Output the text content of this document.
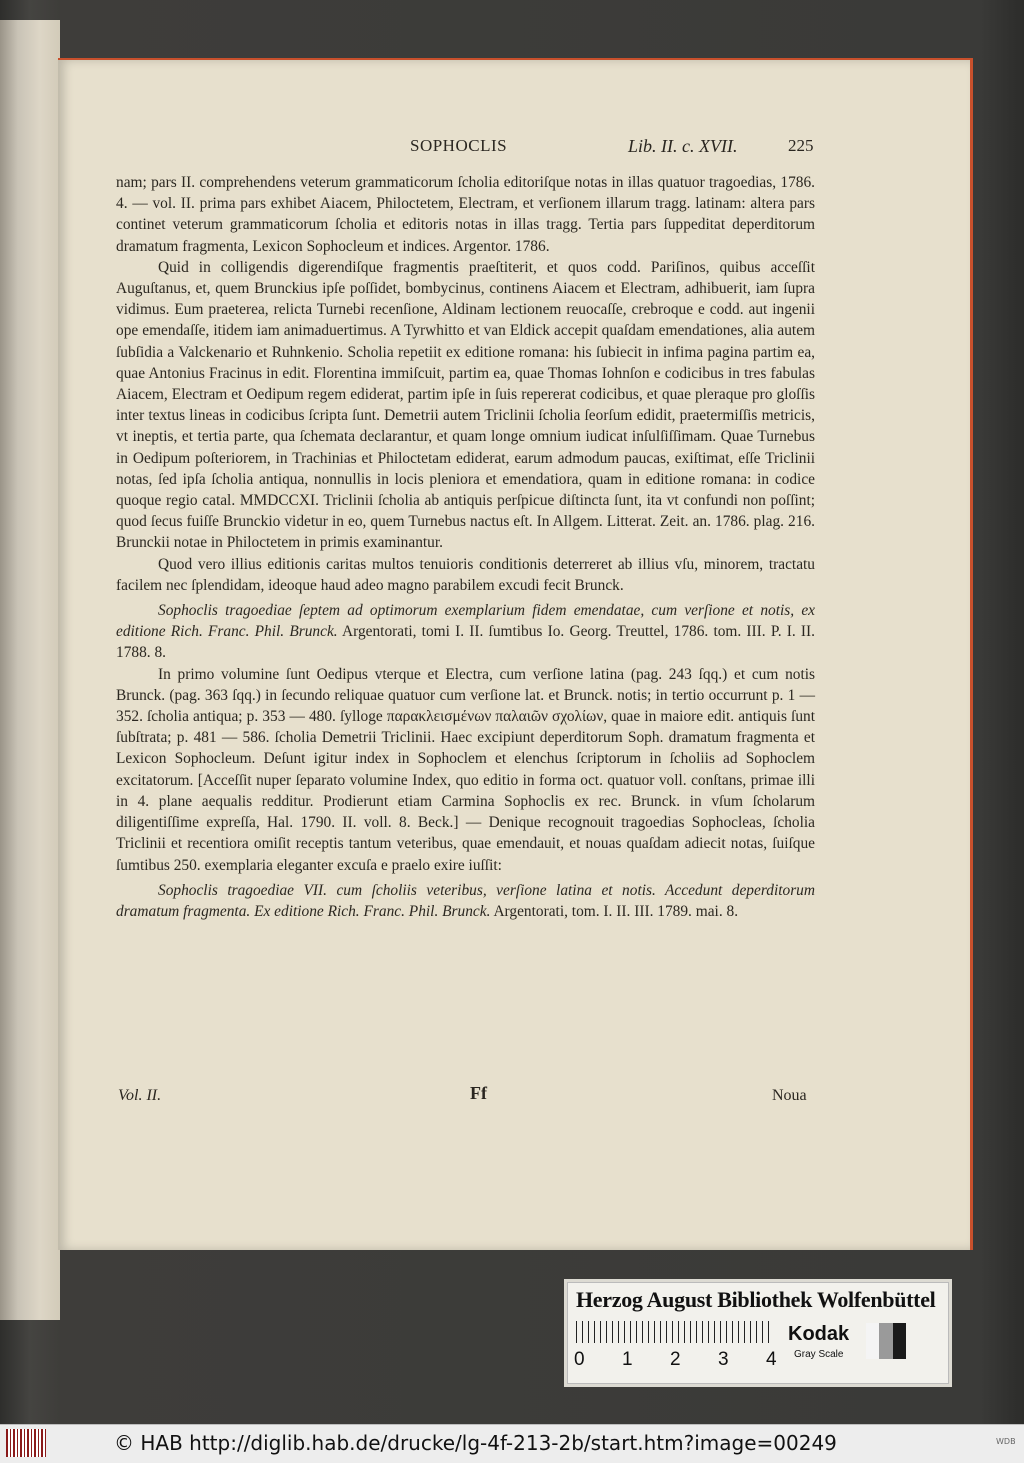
SOPHOCLIS	Lib. II. c. XVII.	225

nam; pars II. comprehendens veterum grammaticorum ſcholia editoriſque notas in illas quatuor tragoedias, 1786. 4. — vol. II. prima pars exhibet Aiacem, Philoctetem, Electram, et verſionem illarum tragg. latinam: altera pars continet veterum grammaticorum ſcholia et editoris notas in illas tragg. Tertia pars ſuppeditat deperditorum dramatum fragmenta, Lexicon Sophocleum et indices. Argentor. 1786.

Quid in colligendis digerendiſque fragmentis praeſtiterit, et quos codd. Pariſinos, quibus acceſſit Auguſtanus, et, quem Brunckius ipſe poſſidet, bombycinus, continens Aiacem et Electram, adhibuerit, iam ſupra vidimus. Eum praeterea, relicta Turnebi recenſione, Aldinam lectionem reuocaſſe, crebroque e codd. aut ingenii ope emendaſſe, itidem iam animaduertimus. A Tyrwhitto et van Eldick accepit quaſdam emendationes, alia autem ſubſidia a Valckenario et Ruhnkenio. Scholia repetiit ex editione romana: his ſubiecit in infima pagina partim ea, quae Antonius Fracinus in edit. Florentina immiſcuit, partim ea, quae Thomas Iohnſon e codicibus in tres fabulas Aiacem, Electram et Oedipum regem ediderat, partim ipſe in ſuis repererat codicibus, et quae pleraque pro gloſſis inter textus lineas in codicibus ſcripta ſunt. Demetrii autem Triclinii ſcholia ſeorſum edidit, praetermiſſis metricis, vt ineptis, et tertia parte, qua ſchemata declarantur, et quam longe omnium iudicat inſulſiſſimam. Quae Turnebus in Oedipum poſteriorem, in Trachinias et Philoctetam ediderat, earum admodum paucas, exiſtimat, eſſe Triclinii notas, ſed ipſa ſcholia antiqua, nonnullis in locis pleniora et emendatiora, quam in editione romana: in codice quoque regio catal. MMDCCXI. Triclinii ſcholia ab antiquis perſpicue diſtincta ſunt, ita vt confundi non poſſint; quod ſecus fuiſſe Brunckio videtur in eo, quem Turnebus nactus eſt. In Allgem. Litterat. Zeit. an. 1786. plag. 216. Brunckii notae in Philoctetem in primis examinantur.

Quod vero illius editionis caritas multos tenuioris conditionis deterreret ab illius vſu, minorem, tractatu facilem nec ſplendidam, ideoque haud adeo magno parabilem excudi fecit Brunck.

Sophoclis tragoediae ſeptem ad optimorum exemplarium fidem emendatae, cum verſione et notis, ex editione Rich. Franc. Phil. Brunck. Argentorati, tomi I. II. ſumtibus Io. Georg. Treuttel, 1786. tom. III. P. I. II. 1788. 8.

In primo volumine ſunt Oedipus vterque et Electra, cum verſione latina (pag. 243 ſqq.) et cum notis Brunck. (pag. 363 ſqq.) in ſecundo reliquae quatuor cum verſione lat. et Brunck. notis; in tertio occurrunt p. 1 — 352. ſcholia antiqua; p. 353 — 480. ſylloge παρακλεισμένων παλαιῶν σχολίων, quae in maiore edit. antiquis ſunt ſubſtrata; p. 481 — 586. ſcholia Demetrii Triclinii. Haec excipiunt deperditorum Soph. dramatum fragmenta et Lexicon Sophocleum. Deſunt igitur index in Sophoclem et elenchus ſcriptorum in ſcholiis ad Sophoclem excitatorum. [Acceſſit nuper ſeparato volumine Index, quo editio in forma oct. quatuor voll. conſtans, primae illi in 4. plane aequalis redditur. Prodierunt etiam Carmina Sophoclis ex rec. Brunck. in vſum ſcholarum diligentiſſime expreſſa, Hal. 1790. II. voll. 8. Beck.] — Denique recognouit tragoedias Sophocleas, ſcholia Triclinii et recentiora omiſit receptis tantum veteribus, quae emendauit, et nouas quaſdam adiecit notas, ſuiſque ſumtibus 250. exemplaria eleganter excuſa e praelo exire iuſſit:

Sophoclis tragoediae VII. cum ſcholiis veteribus, verſione latina et notis. Accedunt deperditorum dramatum fragmenta. Ex editione Rich. Franc. Phil. Brunck. Argentorati, tom. I. II. III. 1789. mai. 8.

Vol. II.	Ff	Noua
Herzog August Bibliothek Wolfenbüttel
0 1 2 3 4
Kodak
Gray Scale
© HAB http://diglib.hab.de/drucke/lg-4f-213-2b/start.htm?image=00249	WDB
